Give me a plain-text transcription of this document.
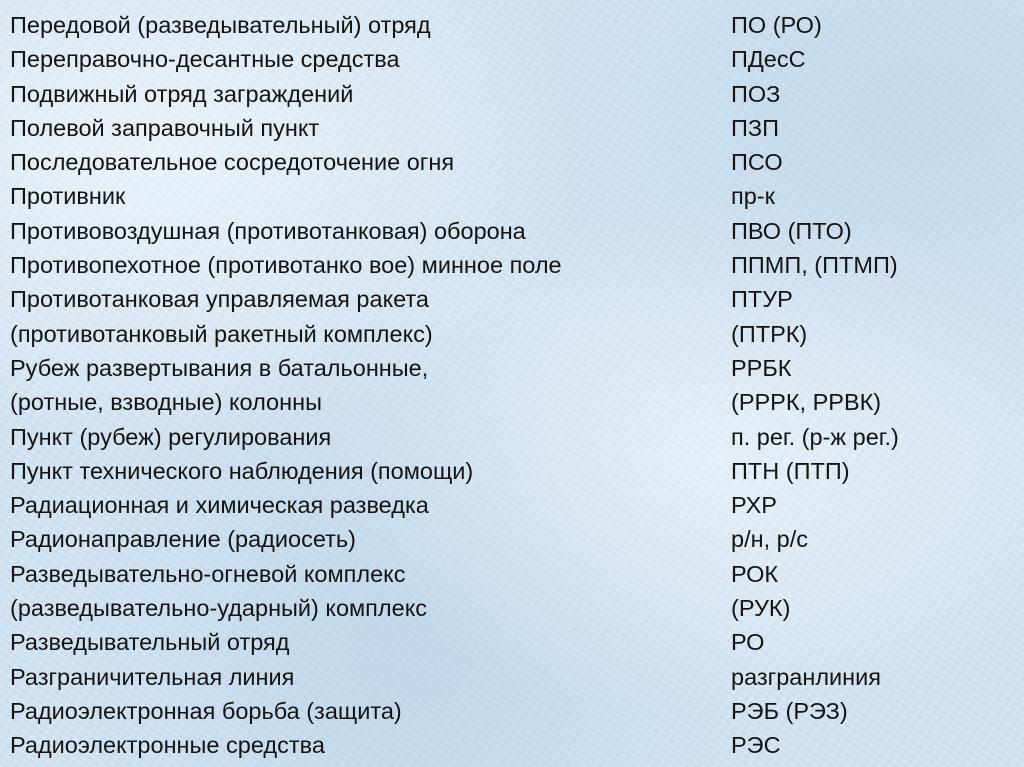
Передовой (разведывательный) отряд	ПО (РО)
Переправочно-десантные средства	ПДесС
Подвижный отряд заграждений	ПОЗ
Полевой заправочный пункт	ПЗП
Последовательное сосредоточение огня	ПСО
Противник	пр-к
Противовоздушная (противотанковая) оборона	ПВО (ПТО)
Противопехотное (противотанко вое) минное поле	ППМП, (ПТМП)
Противотанковая управляемая ракета	ПТУР
(противотанковый ракетный комплекс)	(ПТРК)
Рубеж развертывания в батальонные,	РРБК
(ротные, взводные) колонны	(РРРК, РРВК)
Пункт (рубеж) регулирования	п. рег. (р-ж рег.)
Пункт технического наблюдения (помощи)	ПТН (ПТП)
Радиационная и химическая разведка	РХР
Радионаправление (радиосеть)	р/н, р/с
Разведывательно-огневой комплекс	РОК
(разведывательно-ударный) комплекс	(РУК)
Разведывательный отряд	РО
Разграничительная линия	разгранлиния
Радиоэлектронная борьба (защита)	РЭБ (РЭЗ)
Радиоэлектронные средства	РЭС
